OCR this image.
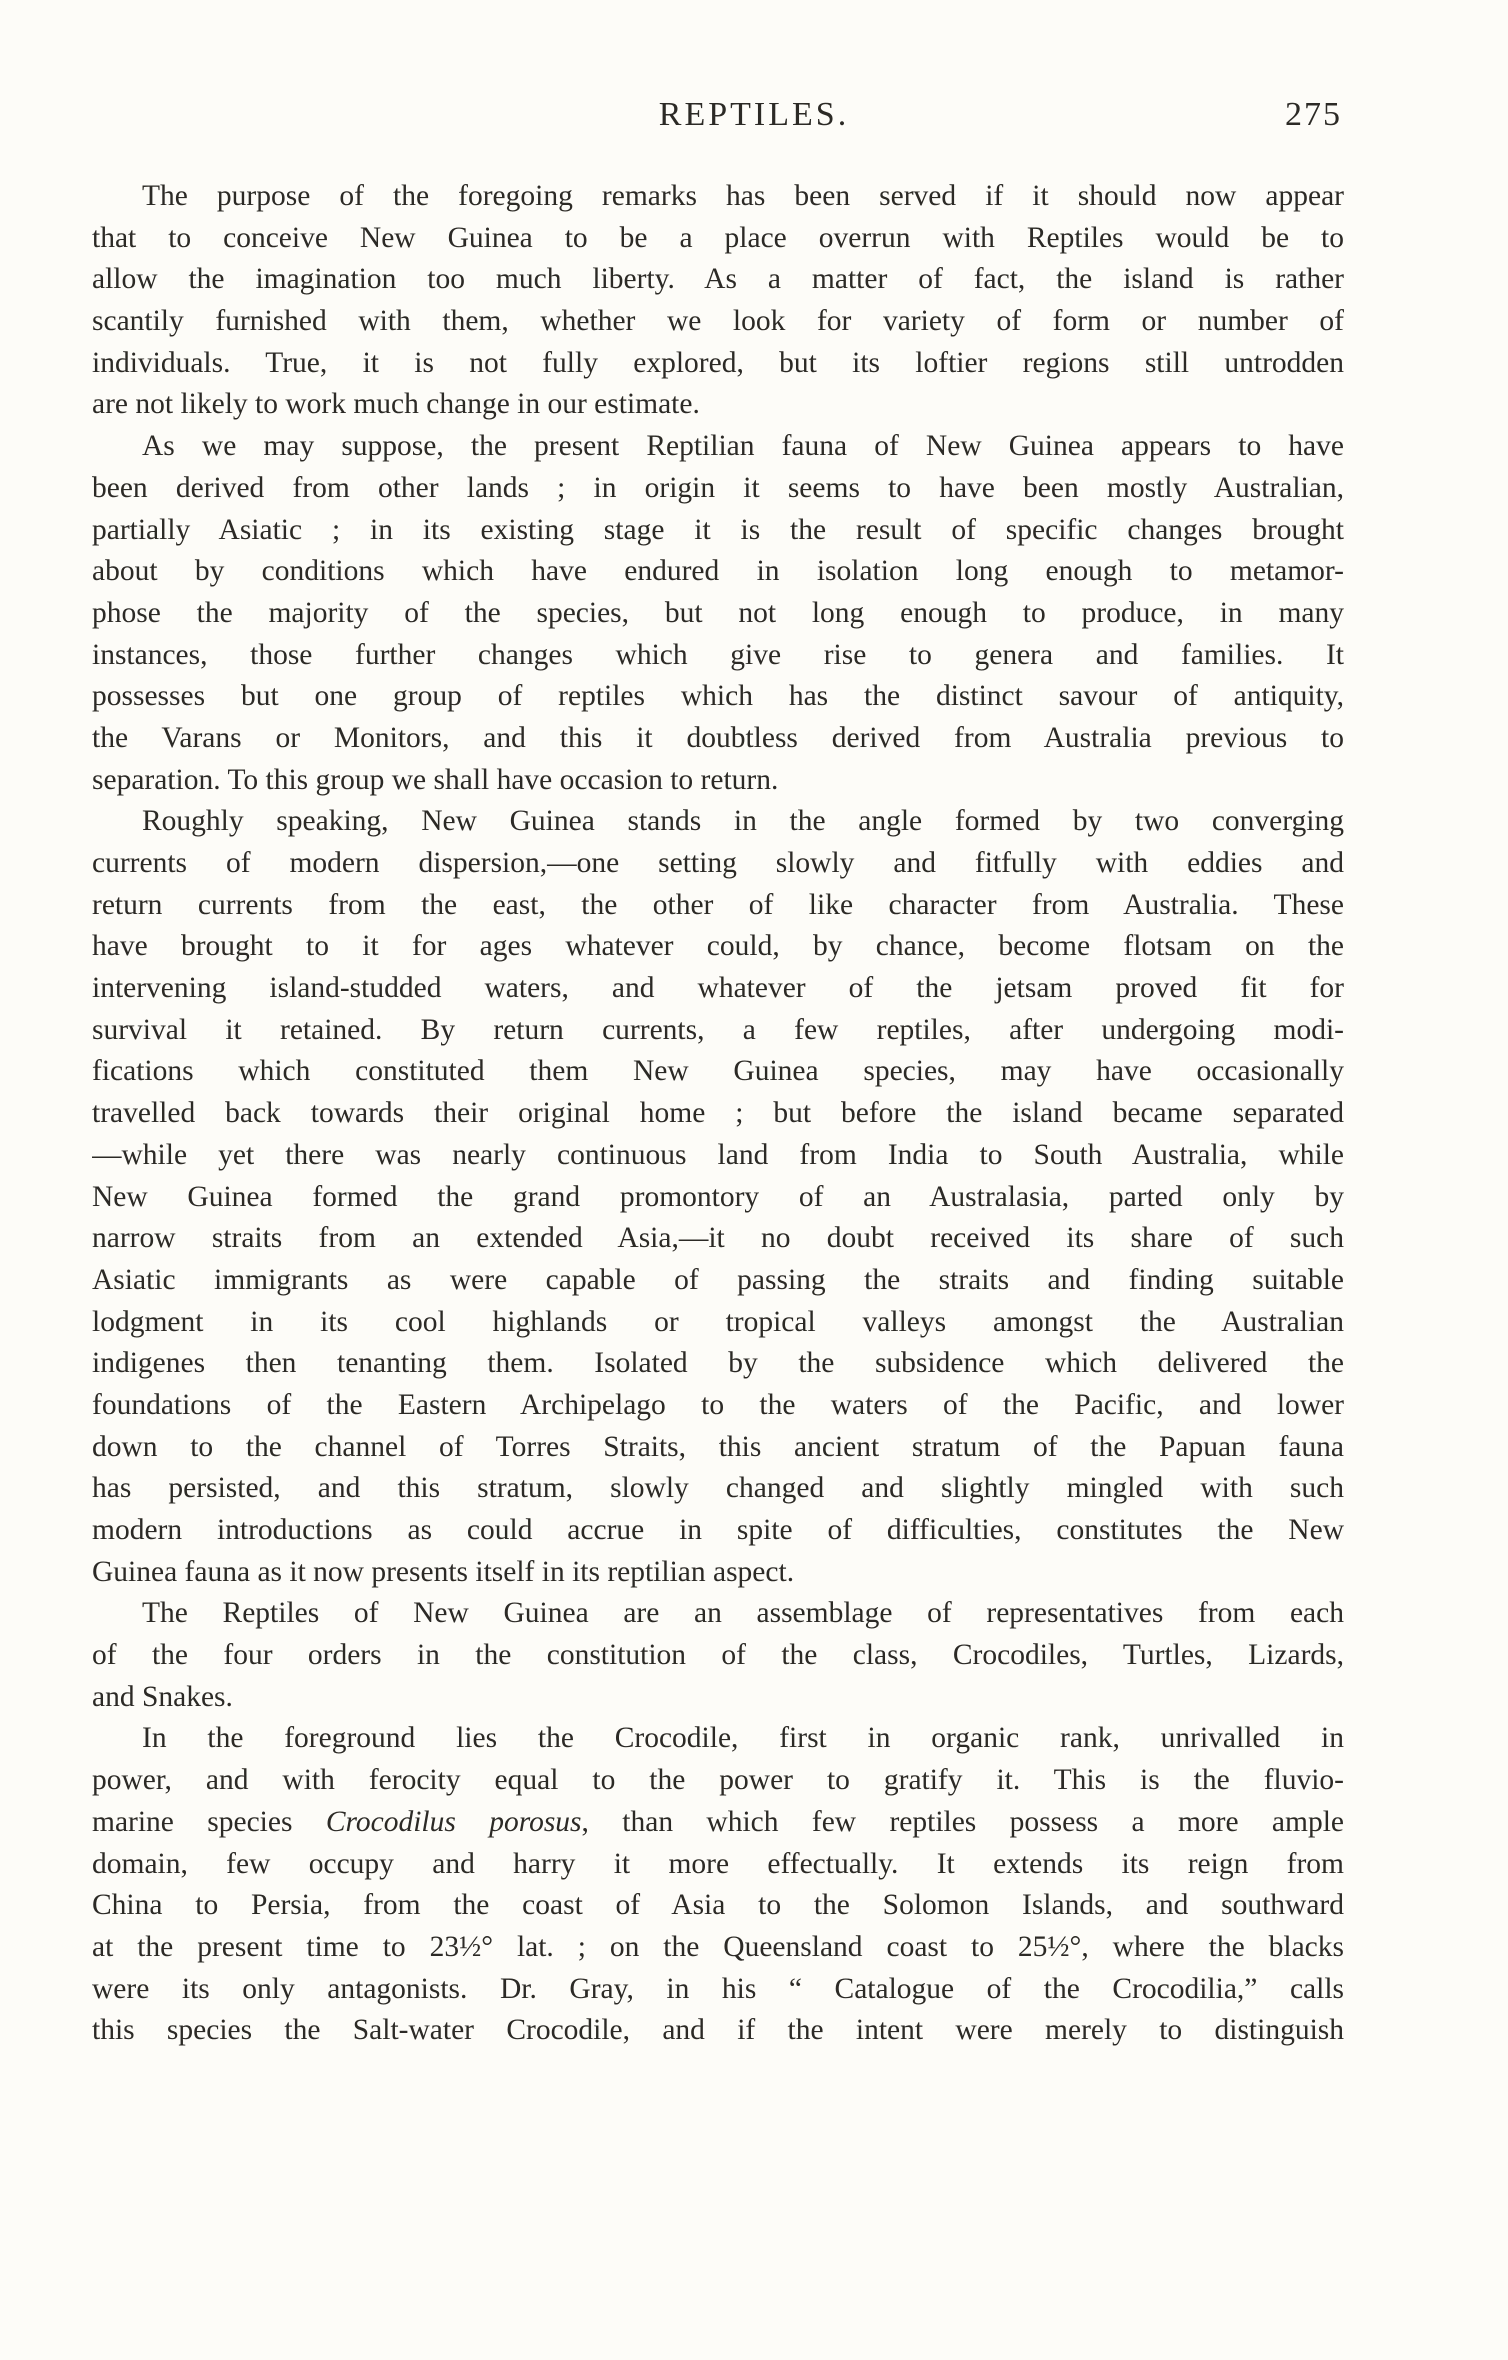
REPTILES.	275
The purpose of the foregoing remarks has been served if it should now appear
that to conceive New Guinea to be a place overrun with Reptiles would be to
allow the imagination too much liberty. As a matter of fact, the island is rather
scantily furnished with them, whether we look for variety of form or number of
individuals. True, it is not fully explored, but its loftier regions still untrodden
are not likely to work much change in our estimate.
As we may suppose, the present Reptilian fauna of New Guinea appears to have
been derived from other lands ; in origin it seems to have been mostly Australian,
partially Asiatic ; in its existing stage it is the result of specific changes brought
about by conditions which have endured in isolation long enough to metamor-
phose the majority of the species, but not long enough to produce, in many
instances, those further changes which give rise to genera and families. It
possesses but one group of reptiles which has the distinct savour of antiquity,
the Varans or Monitors, and this it doubtless derived from Australia previous to
separation. To this group we shall have occasion to return.
Roughly speaking, New Guinea stands in the angle formed by two converging
currents of modern dispersion,—one setting slowly and fitfully with eddies and
return currents from the east, the other of like character from Australia. These
have brought to it for ages whatever could, by chance, become flotsam on the
intervening island-studded waters, and whatever of the jetsam proved fit for
survival it retained. By return currents, a few reptiles, after undergoing modi-
fications which constituted them New Guinea species, may have occasionally
travelled back towards their original home ; but before the island became separated
—while yet there was nearly continuous land from India to South Australia, while
New Guinea formed the grand promontory of an Australasia, parted only by
narrow straits from an extended Asia,—it no doubt received its share of such
Asiatic immigrants as were capable of passing the straits and finding suitable
lodgment in its cool highlands or tropical valleys amongst the Australian
indigenes then tenanting them. Isolated by the subsidence which delivered the
foundations of the Eastern Archipelago to the waters of the Pacific, and lower
down to the channel of Torres Straits, this ancient stratum of the Papuan fauna
has persisted, and this stratum, slowly changed and slightly mingled with such
modern introductions as could accrue in spite of difficulties, constitutes the New
Guinea fauna as it now presents itself in its reptilian aspect.
The Reptiles of New Guinea are an assemblage of representatives from each
of the four orders in the constitution of the class, Crocodiles, Turtles, Lizards,
and Snakes.
In the foreground lies the Crocodile, first in organic rank, unrivalled in
power, and with ferocity equal to the power to gratify it. This is the fluvio-
marine species Crocodilus porosus, than which few reptiles possess a more ample
domain, few occupy and harry it more effectually. It extends its reign from
China to Persia, from the coast of Asia to the Solomon Islands, and southward
at the present time to 23½° lat. ; on the Queensland coast to 25½°, where the blacks
were its only antagonists. Dr. Gray, in his “ Catalogue of the Crocodilia,” calls
this species the Salt-water Crocodile, and if the intent were merely to distinguish
